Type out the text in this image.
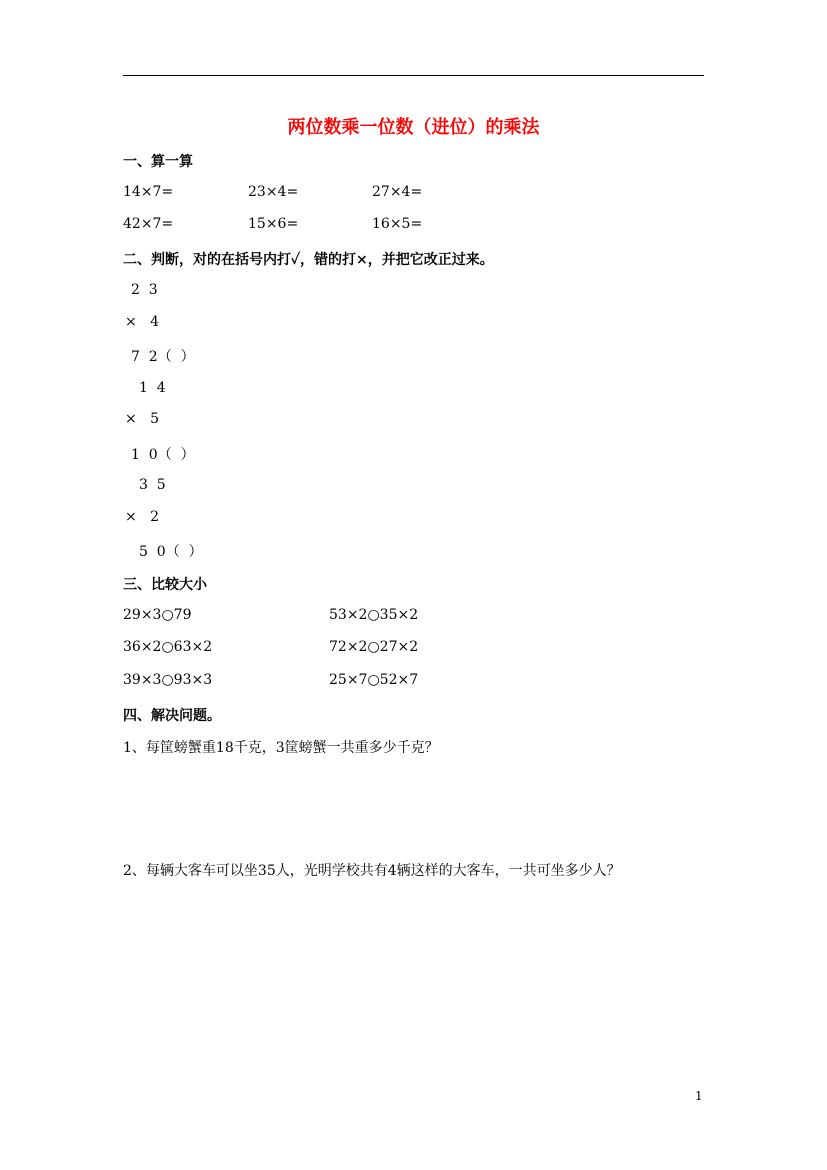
两位数乘一位数（进位）的乘法
一、算一算
14×7=	23×4=	27×4=
42×7=	15×6=	16×5=
二、判断，对的在括号内打✓，错的打×，并把它改正过来。
2  3
×   4
7  2（  ）
1  4
×   5
1  0（  ）
3  5
×   2
5  0（  ）
三、比较大小
29×3○79	53×2○35×2
36×2○63×2	72×2○27×2
39×3○93×3	25×7○52×7
四、解决问题。
1、每筐螃蟹重18千克，3筐螃蟹一共重多少千克？
2、每辆大客车可以坐35人，光明学校共有4辆这样的大客车，一共可坐多少人？
1
